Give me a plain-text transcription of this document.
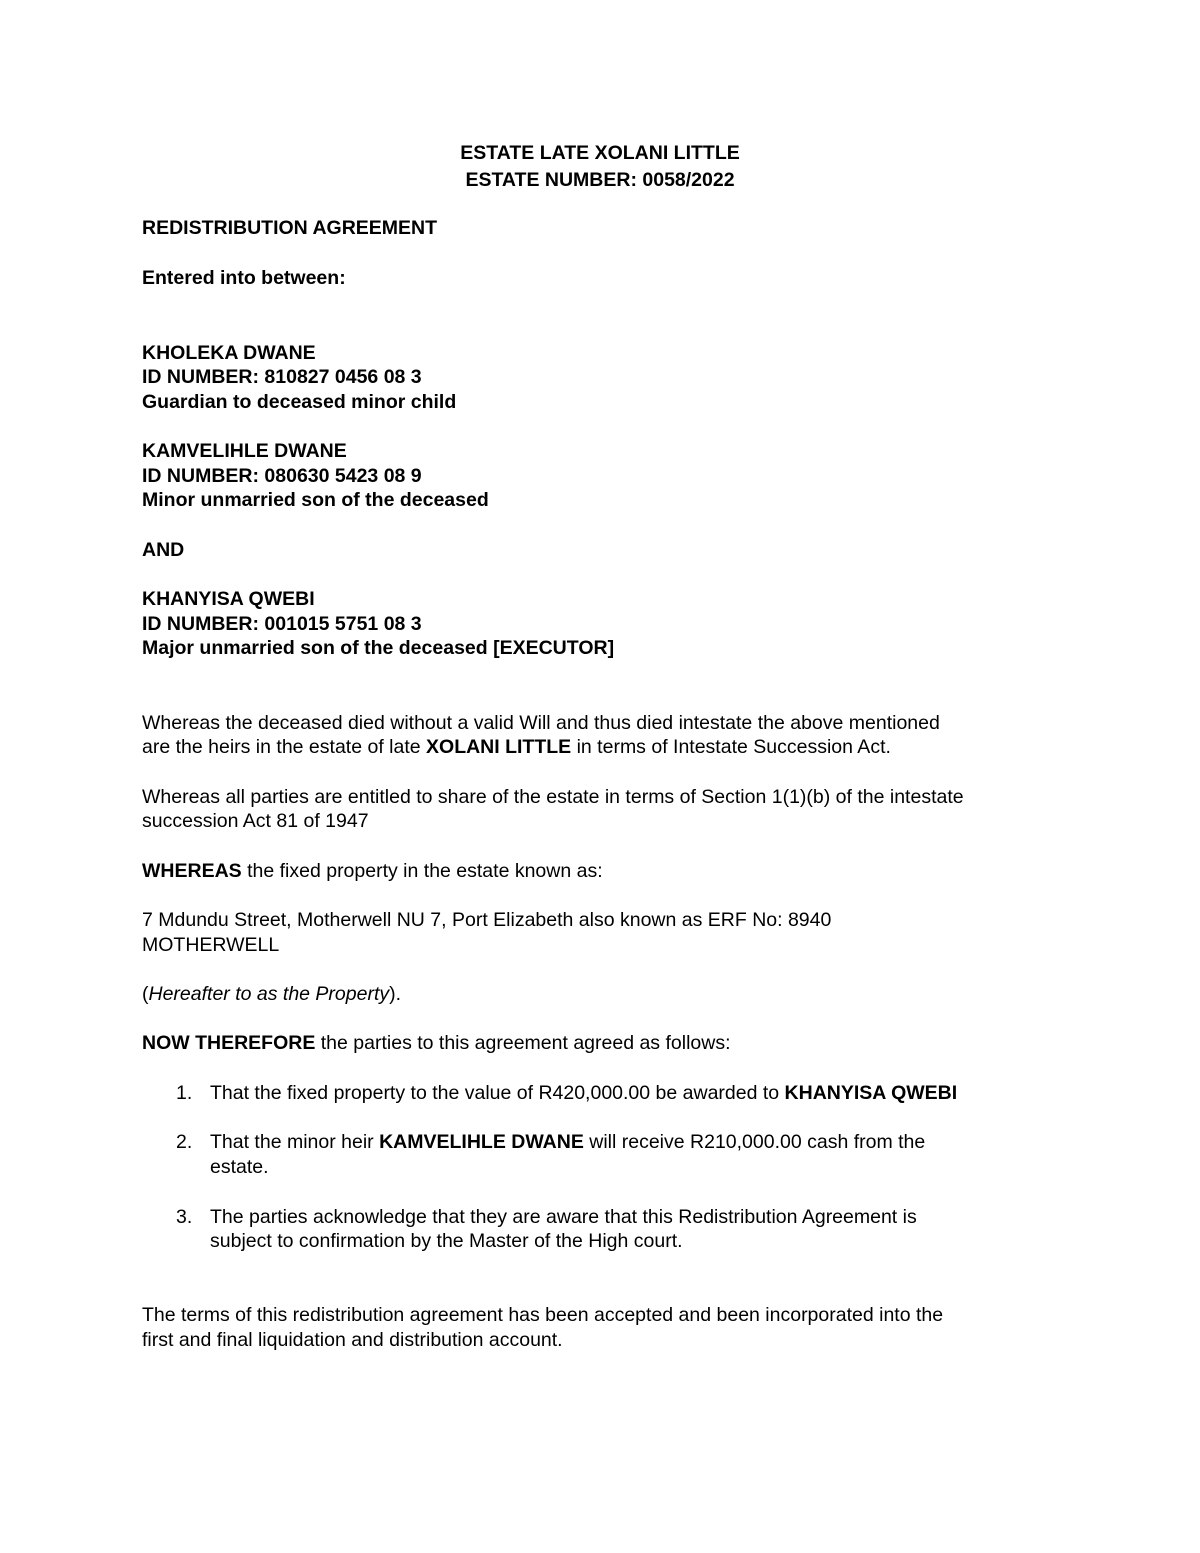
ESTATE LATE XOLANI LITTLE

ESTATE NUMBER: 0058/2022

REDISTRIBUTION AGREEMENT

Entered into between:

KHOLEKA DWANE

ID NUMBER: 810827 0456 08 3

Guardian to deceased minor child

KAMVELIHLE DWANE

ID NUMBER: 080630 5423 08 9

Minor unmarried son of the deceased

AND

KHANYISA QWEBI

ID NUMBER: 001015 5751 08 3

Major unmarried son of the deceased [EXECUTOR]

Whereas the deceased died without a valid Will and thus died intestate the above mentioned

are the heirs in the estate of late XOLANI LITTLE in terms of Intestate Succession Act.

Whereas all parties are entitled to share of the estate in terms of Section 1(1)(b) of the intestate

succession Act 81 of 1947

WHEREAS the fixed property in the estate known as:

7 Mdundu Street, Motherwell NU 7, Port Elizabeth also known as ERF No: 8940

MOTHERWELL

(Hereafter to as the Property).

NOW THEREFORE the parties to this agreement agreed as follows:

1. That the fixed property to the value of R420,000.00 be awarded to KHANYISA QWEBI
2. That the minor heir KAMVELIHLE DWANE will receive R210,000.00 cash from the

estate.

3. The parties acknowledge that they are aware that this Redistribution Agreement is

subject to confirmation by the Master of the High court.

The terms of this redistribution agreement has been accepted and been incorporated into the

first and final liquidation and distribution account.
